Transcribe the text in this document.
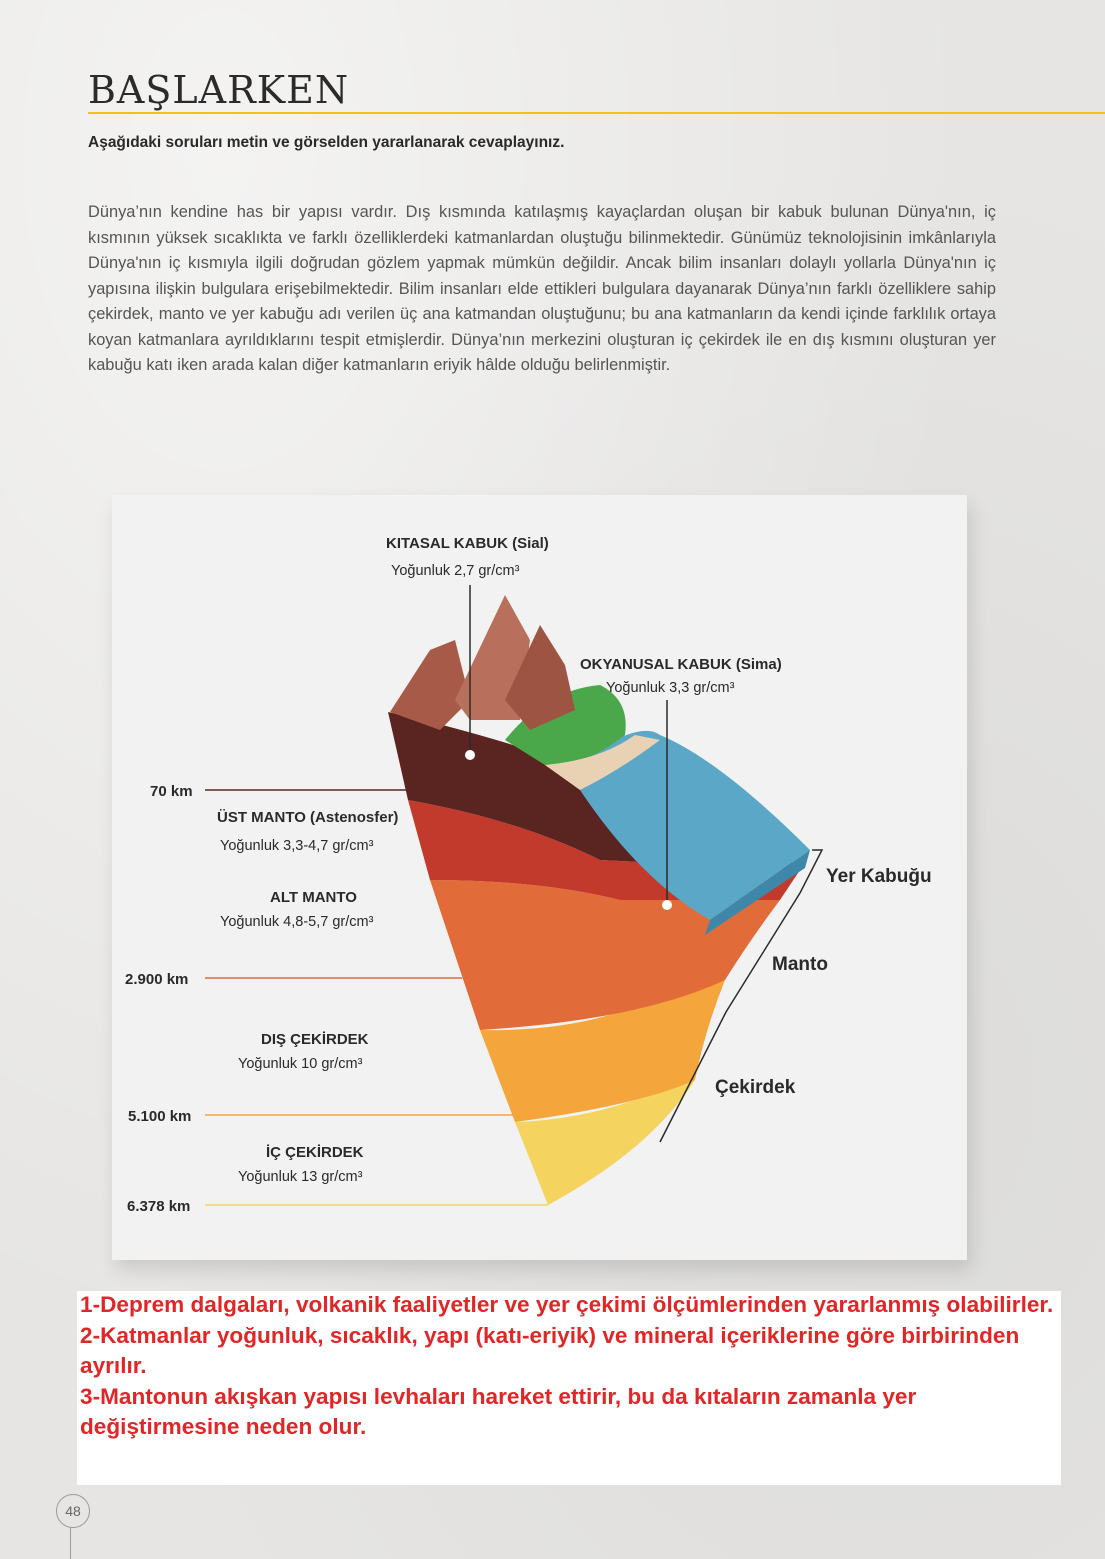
BAŞLARKEN

Aşağıdaki soruları metin ve görselden yararlanarak cevaplayınız.

Dünya’nın kendine has bir yapısı vardır. Dış kısmında katılaşmış kayaçlardan oluşan bir kabuk bulunan Dünya'nın, iç kısmının yüksek sıcaklıkta ve farklı özelliklerdeki katmanlardan oluştuğu bilinmektedir. Günümüz teknolojisinin imkânlarıyla Dünya'nın iç kısmıyla ilgili doğrudan gözlem yapmak mümkün değildir. Ancak bilim insanları dolaylı yollarla Dünya'nın iç yapısına ilişkin bulgulara erişebilmektedir. Bilim insanları elde ettikleri bulgulara dayanarak Dünya’nın farklı özelliklere sahip çekirdek, manto ve yer kabuğu adı verilen üç ana katmandan oluştuğunu; bu ana katmanların da kendi içinde farklılık ortaya koyan katmanlara ayrıldıklarını tespit etmişlerdir. Dünya’nın merkezini oluşturan iç çekirdek ile en dış kısmını oluşturan yer kabuğu katı iken arada kalan diğer katmanların eriyik hâlde olduğu belirlenmiştir.

KITASAL KABUK (Sial)
Yoğunluk 2,7 gr/cm³
OKYANUSAL KABUK (Sima)
Yoğunluk 3,3 gr/cm³
ÜST MANTO (Astenosfer)
Yoğunluk 3,3-4,7 gr/cm³
ALT MANTO
Yoğunluk 4,8-5,7 gr/cm³
DIŞ ÇEKİRDEK
Yoğunluk 10 gr/cm³
İÇ ÇEKİRDEK
Yoğunluk 13 gr/cm³
70 km
2.900 km
5.100 km
6.378 km
Yer Kabuğu
Manto
Çekirdek

1-Deprem dalgaları, volkanik faaliyetler ve yer çekimi ölçümlerinden yararlanmış olabilirler.

2-Katmanlar yoğunluk, sıcaklık, yapı (katı-eriyik) ve mineral içeriklerine göre birbirinden ayrılır.

3-Mantonun akışkan yapısı levhaları hareket ettirir, bu da kıtaların zamanla yer değiştirmesine neden olur.

48
